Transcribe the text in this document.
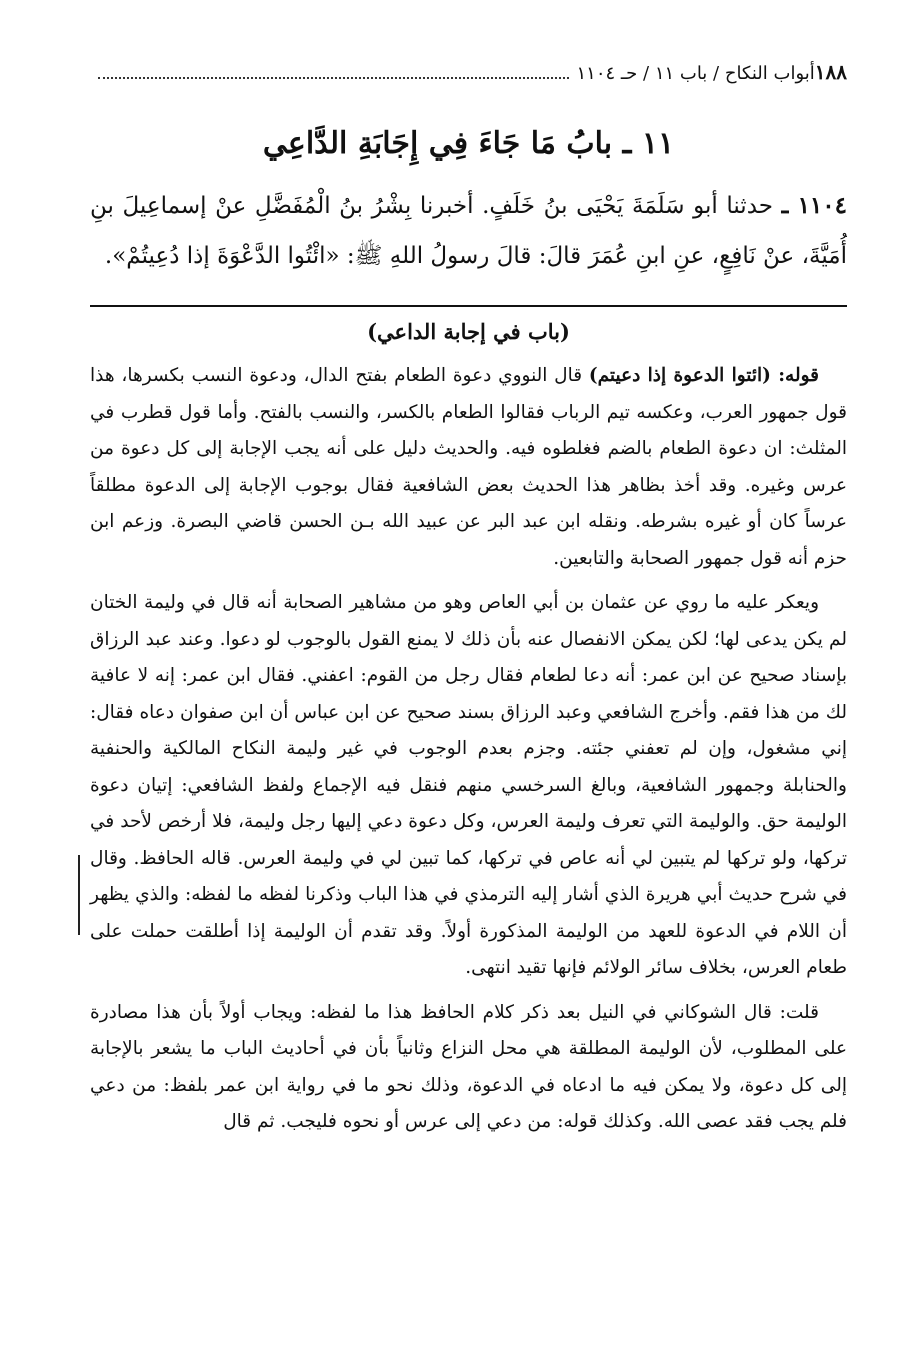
١٨٨
أبواب النكاح / باب ١١ / حـ ١١٠٤
١١ ـ بابُ مَا جَاءَ فِي إِجَابَةِ الدَّاعِي
١١٠٤ ـ حدثنا أبو سَلَمَةَ يَحْيَى بنُ خَلَفٍ. أخبرنا بِشْرُ بنُ الْمُفَضَّلِ عنْ إسماعِيلَ بنِ أُمَيَّةَ، عنْ نَافِعٍ، عنِ ابنِ عُمَرَ قالَ: قالَ رسولُ اللهِ ﷺ: «ائْتُوا الدَّعْوَةَ إذا دُعِيتُمْ».
(باب في إجابة الداعي)

قوله: (ائتوا الدعوة إذا دعيتم) قال النووي دعوة الطعام بفتح الدال، ودعوة النسب بكسرها، هذا قول جمهور العرب، وعكسه تيم الرباب فقالوا الطعام بالكسر، والنسب بالفتح. وأما قول قطرب في المثلث: ان دعوة الطعام بالضم فغلطوه فيه. والحديث دليل على أنه يجب الإجابة إلى كل دعوة من عرس وغيره. وقد أخذ بظاهر هذا الحديث بعض الشافعية فقال بوجوب الإجابة إلى الدعوة مطلقاً عرساً كان أو غيره بشرطه. ونقله ابن عبد البر عن عبيد الله بـن الحسن قاضي البصرة. وزعم ابن حزم أنه قول جمهور الصحابة والتابعين.

ويعكر عليه ما روي عن عثمان بن أبي العاص وهو من مشاهير الصحابة أنه قال في وليمة الختان لم يكن يدعى لها؛ لكن يمكن الانفصال عنه بأن ذلك لا يمنع القول بالوجوب لو دعوا. وعند عبد الرزاق بإسناد صحيح عن ابن عمر: أنه دعا لطعام فقال رجل من القوم: اعفني. فقال ابن عمر: إنه لا عافية لك من هذا فقم. وأخرج الشافعي وعبد الرزاق بسند صحيح عن ابن عباس أن ابن صفوان دعاه فقال: إني مشغول، وإن لم تعفني جئته. وجزم بعدم الوجوب في غير وليمة النكاح المالكية والحنفية والحنابلة وجمهور الشافعية، وبالغ السرخسي منهم فنقل فيه الإجماع ولفظ الشافعي: إتيان دعوة الوليمة حق. والوليمة التي تعرف وليمة العرس، وكل دعوة دعي إليها رجل وليمة، فلا أرخص لأحد في تركها، ولو تركها لم يتبين لي أنه عاص في تركها، كما تبين لي في وليمة العرس. قاله الحافظ. وقال في شرح حديث أبي هريرة الذي أشار إليه الترمذي في هذا الباب وذكرنا لفظه ما لفظه: والذي يظهر أن اللام في الدعوة للعهد من الوليمة المذكورة أولاً. وقد تقدم أن الوليمة إذا أطلقت حملت على طعام العرس، بخلاف سائر الولائم فإنها تقيد انتهى.

قلت: قال الشوكاني في النيل بعد ذكر كلام الحافظ هذا ما لفظه: ويجاب أولاً بأن هذا مصادرة على المطلوب، لأن الوليمة المطلقة هي محل النزاع وثانياً بأن في أحاديث الباب ما يشعر بالإجابة إلى كل دعوة، ولا يمكن فيه ما ادعاه في الدعوة، وذلك نحو ما في رواية ابن عمر بلفظ: من دعي فلم يجب فقد عصى الله. وكذلك قوله: من دعي إلى عرس أو نحوه فليجب. ثم قال
